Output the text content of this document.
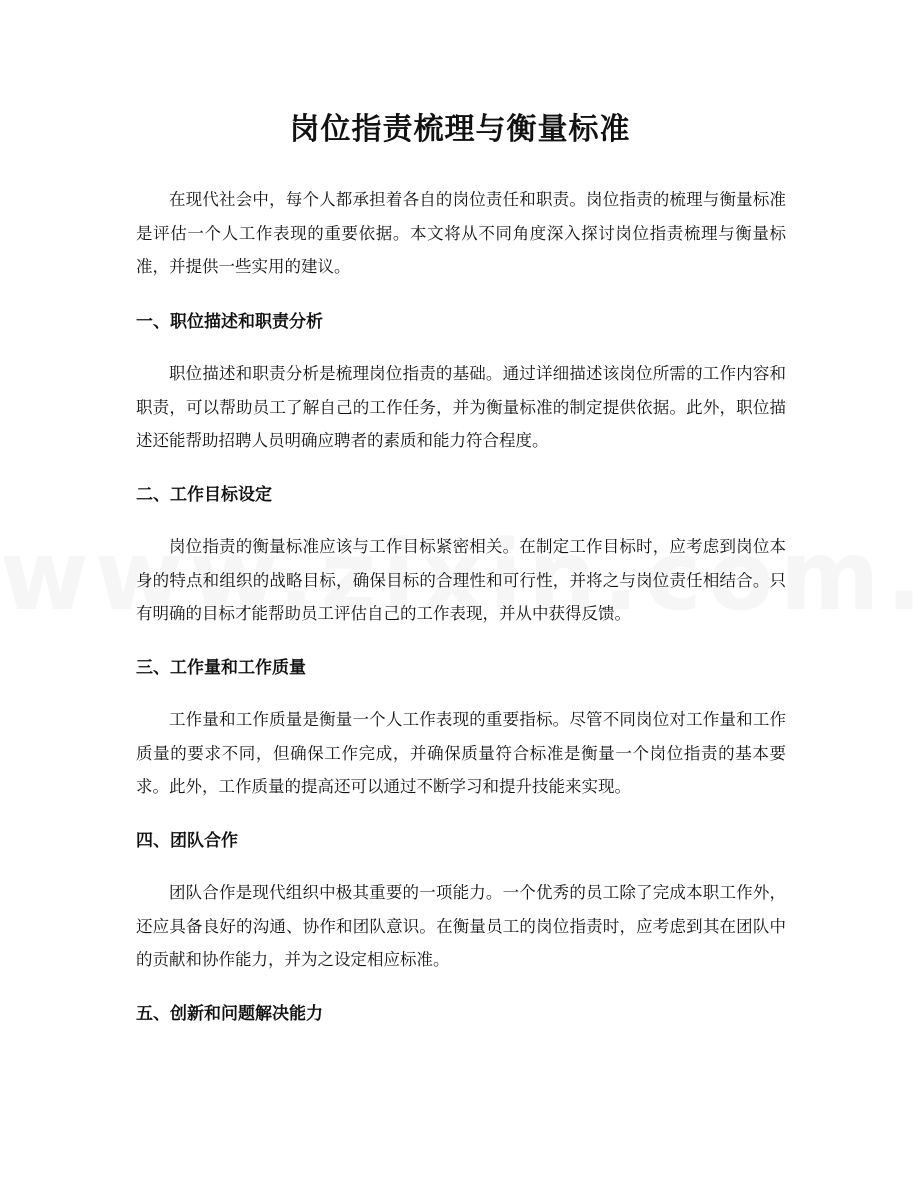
岗位指责梳理与衡量标准

在现代社会中，每个人都承担着各自的岗位责任和职责。岗位指责的梳理与衡量标准是评估一个人工作表现的重要依据。本文将从不同角度深入探讨岗位指责梳理与衡量标准，并提供一些实用的建议。

一、职位描述和职责分析

职位描述和职责分析是梳理岗位指责的基础。通过详细描述该岗位所需的工作内容和职责，可以帮助员工了解自己的工作任务，并为衡量标准的制定提供依据。此外，职位描述还能帮助招聘人员明确应聘者的素质和能力符合程度。

二、工作目标设定

岗位指责的衡量标准应该与工作目标紧密相关。在制定工作目标时，应考虑到岗位本身的特点和组织的战略目标，确保目标的合理性和可行性，并将之与岗位责任相结合。只有明确的目标才能帮助员工评估自己的工作表现，并从中获得反馈。

三、工作量和工作质量

工作量和工作质量是衡量一个人工作表现的重要指标。尽管不同岗位对工作量和工作质量的要求不同，但确保工作完成，并确保质量符合标准是衡量一个岗位指责的基本要求。此外，工作质量的提高还可以通过不断学习和提升技能来实现。

四、团队合作

团队合作是现代组织中极其重要的一项能力。一个优秀的员工除了完成本职工作外，还应具备良好的沟通、协作和团队意识。在衡量员工的岗位指责时，应考虑到其在团队中的贡献和协作能力，并为之设定相应标准。

五、创新和问题解决能力
